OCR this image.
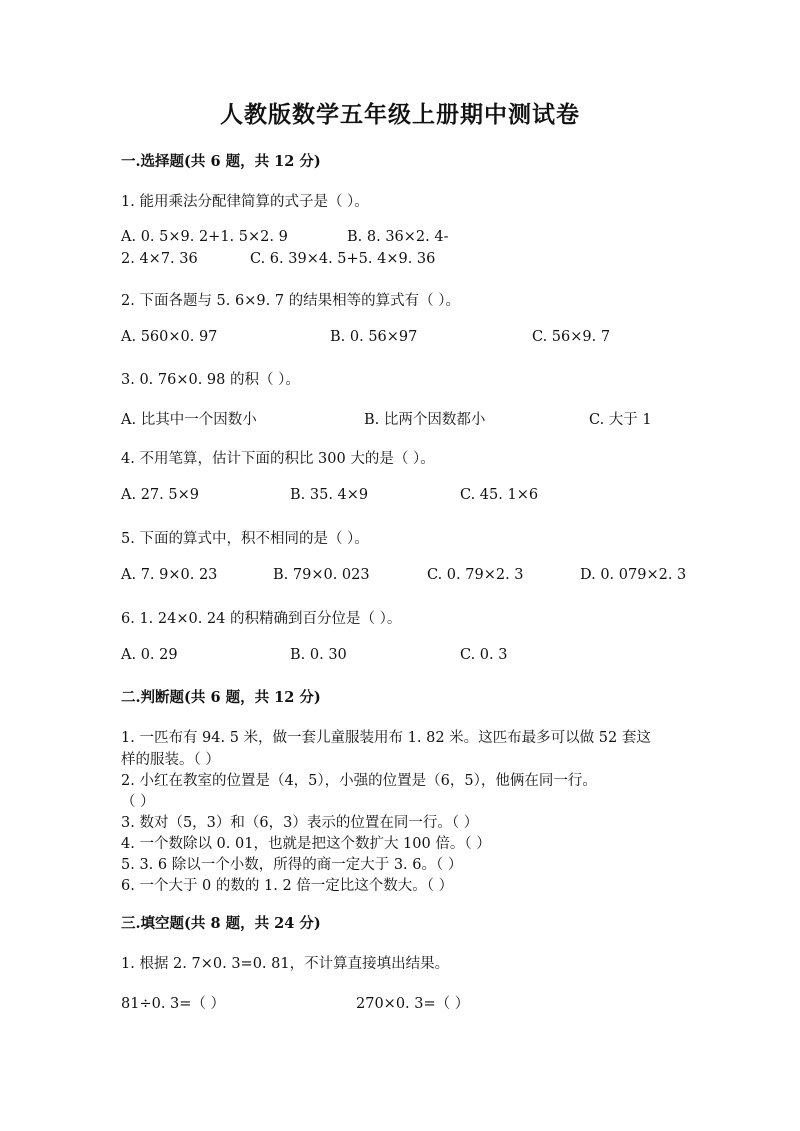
人教版数学五年级上册期中测试卷
一.选择题(共 6 题，共 12 分)
1. 能用乘法分配律简算的式子是（ ）。
A. 0. 5×9. 2+1. 5×2. 9	B. 8. 36×2. 4-
2. 4×7. 36	C. 6. 39×4. 5+5. 4×9. 36
2. 下面各题与 5. 6×9. 7 的结果相等的算式有（ ）。
A. 560×0. 97	B. 0. 56×97	C. 56×9. 7
3. 0. 76×0. 98 的积（ ）。
A. 比其中一个因数小	B. 比两个因数都小	C. 大于 1
4. 不用笔算，估计下面的积比 300 大的是（ ）。
A. 27. 5×9	B. 35. 4×9	C. 45. 1×6
5. 下面的算式中，积不相同的是（ ）。
A. 7. 9×0. 23	B. 79×0. 023	C. 0. 79×2. 3	D. 0. 079×2. 3
6. 1. 24×0. 24 的积精确到百分位是（ ）。
A. 0. 29	B. 0. 30	C. 0. 3
二.判断题(共 6 题，共 12 分)
1. 一匹布有 94. 5 米，做一套儿童服装用布 1. 82 米。这匹布最多可以做 52 套这
样的服装。（ ）
2. 小红在教室的位置是（4，5），小强的位置是（6，5），他俩在同一行。
（ ）
3. 数对（5，3）和（6，3）表示的位置在同一行。（ ）
4. 一个数除以 0. 01，也就是把这个数扩大 100 倍。（ ）
5. 3. 6 除以一个小数，所得的商一定大于 3. 6。（ ）
6. 一个大于 0 的数的 1. 2 倍一定比这个数大。（ ）
三.填空题(共 8 题，共 24 分)
1. 根据 2. 7×0. 3=0. 81，不计算直接填出结果。
81÷0. 3=（ ）	270×0. 3=（ ）
